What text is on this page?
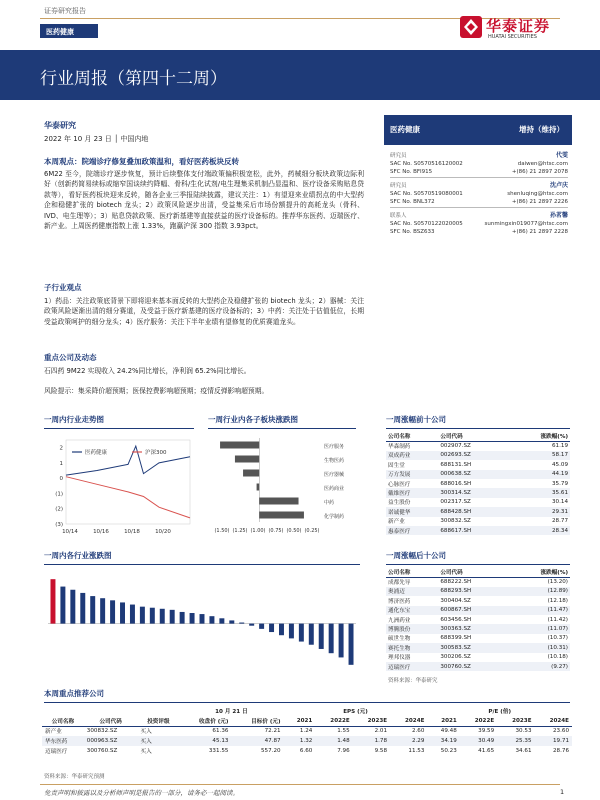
证券研究报告
医药健康	华泰证券
HUATAI SECURITIES
行业周报（第四十二周）
华泰研究
2022 年 10 月 23 日 │ 中国内地
本周观点：院端诊疗修复叠加政策温和，看好医药板块反转
6M22 至今，院端诊疗逐步恢复，预计后续整体支付端政策偏积极宽松，此外，药械细分板块政策边际利好（创新药简易续标或缩窄国谈续约降幅、骨科/生化试剂/电生理集采机制凸显温和、医疗设备采购贴息贷款等），看好医药板块迎来反转，随各企业三季报陆续披露，建议关注：1）有望迎来业绩拐点的中大型药企和稳健扩张的 biotech 龙头；2）政策风险逐步出清，受益集采后市场份额提升的高耗龙头（骨科、IVD、电生理等）；3）贴息贷款政策、医疗新基建等直接获益的医疗设备标的。推荐华东医药、迈瑞医疗、新产业。上周医药健康指数上涨 1.33%，跑赢沪深 300 指数 3.93pct。
子行业观点
1）药品：关注政策底背景下即将迎来基本面反转的大型药企及稳健扩张的 biotech 龙头；2）器械：关注政策风险逐渐出清的细分赛道，及受益于医疗新基建的医疗设备标的；3）中药：关注处于估值低位，长期受益政策呵护的细分龙头；4）医疗服务：关注下半年业绩有望修复的优质赛道龙头。
重点公司及动态
石四药 9M22 实现收入 24.2%同比增长，净利润 65.2%同比增长。
风险提示：集采降价超预期；医保控费影响超预期；疫情反弹影响超预期。
医药健康	增持（维持）
研究员	代雯
SAC No. S0570516120002	daiwen@htsc.com
SFC No. BFI915	+(86) 21 2897 2078
研究员	沈卢庆
SAC No. S0570519080001	shenluqing@htsc.com
SFC No. BNL372	+(86) 21 2897 2226
联系人	孙茗馨
SAC No. S0570122020005	sunmingxin019077@htsc.com
SFC No. BSZ633	+(86) 21 2897 2228
一周内行业走势图
2
1
0
(1)
(2)
(3)
10/14	10/16	10/18	10/20
医药健康	沪深300
一周行业内各子板块涨跌图
医疗服务
生物医药
医疗器械
医药商业
中药
化学制药
(1.50) (1.25) (1.00) (0.75) (0.50) (0.25)
一周涨幅前十公司
公司名称	公司代码	涨跌幅(%)
华森制药	002907.SZ	61.19
双成药业	002693.SZ	58.17
固生堂	688131.SH	45.09
万方发展	000638.SZ	44.19
心脉医疗	688016.SH	35.79
戴维医疗	300314.SZ	35.61
益生股份	002317.SZ	30.14
诺诚健华	688428.SH	29.31
新产业	300832.SZ	28.77
惠泰医疗	688617.SH	28.34
一周内各行业涨跌图	一周涨幅后十公司
公司名称	公司代码	涨跌幅(%)
成都先导	688222.SH	(13.20)
奥浦迈	688293.SH	(12.89)
博济医药	300404.SZ	(12.18)
通化东宝	600867.SH	(11.47)
九洲药业	603456.SH	(11.42)
博腾股份	300363.SZ	(11.07)
硕世生物	688399.SH	(10.37)
赛托生物	300583.SZ	(10.31)
理邦仪器	300206.SZ	(10.18)
迈瑞医疗	300760.SZ	(9.27)
资料来源：华泰研究
本周重点推荐公司
			10 月 21 日		EPS (元)				P/E (倍)			
公司名称	公司代码	投资评级	收盘价 (元)	目标价 (元)	2021	2022E	2023E	2024E	2021	2022E	2023E	2024E
新产业	300832.SZ	买入	61.36	72.21	1.24	1.55	2.01	2.60	49.48	39.59	30.53	23.60
华东医药	000963.SZ	买入	45.13	47.87	1.32	1.48	1.78	2.29	34.19	30.49	25.35	19.71
迈瑞医疗	300760.SZ	买入	331.55	557.20	6.60	7.96	9.58	11.53	50.23	41.65	34.61	28.76
资料来源：华泰研究预测
免责声明和披露以及分析师声明是报告的一部分，请务必一起阅读。	1
